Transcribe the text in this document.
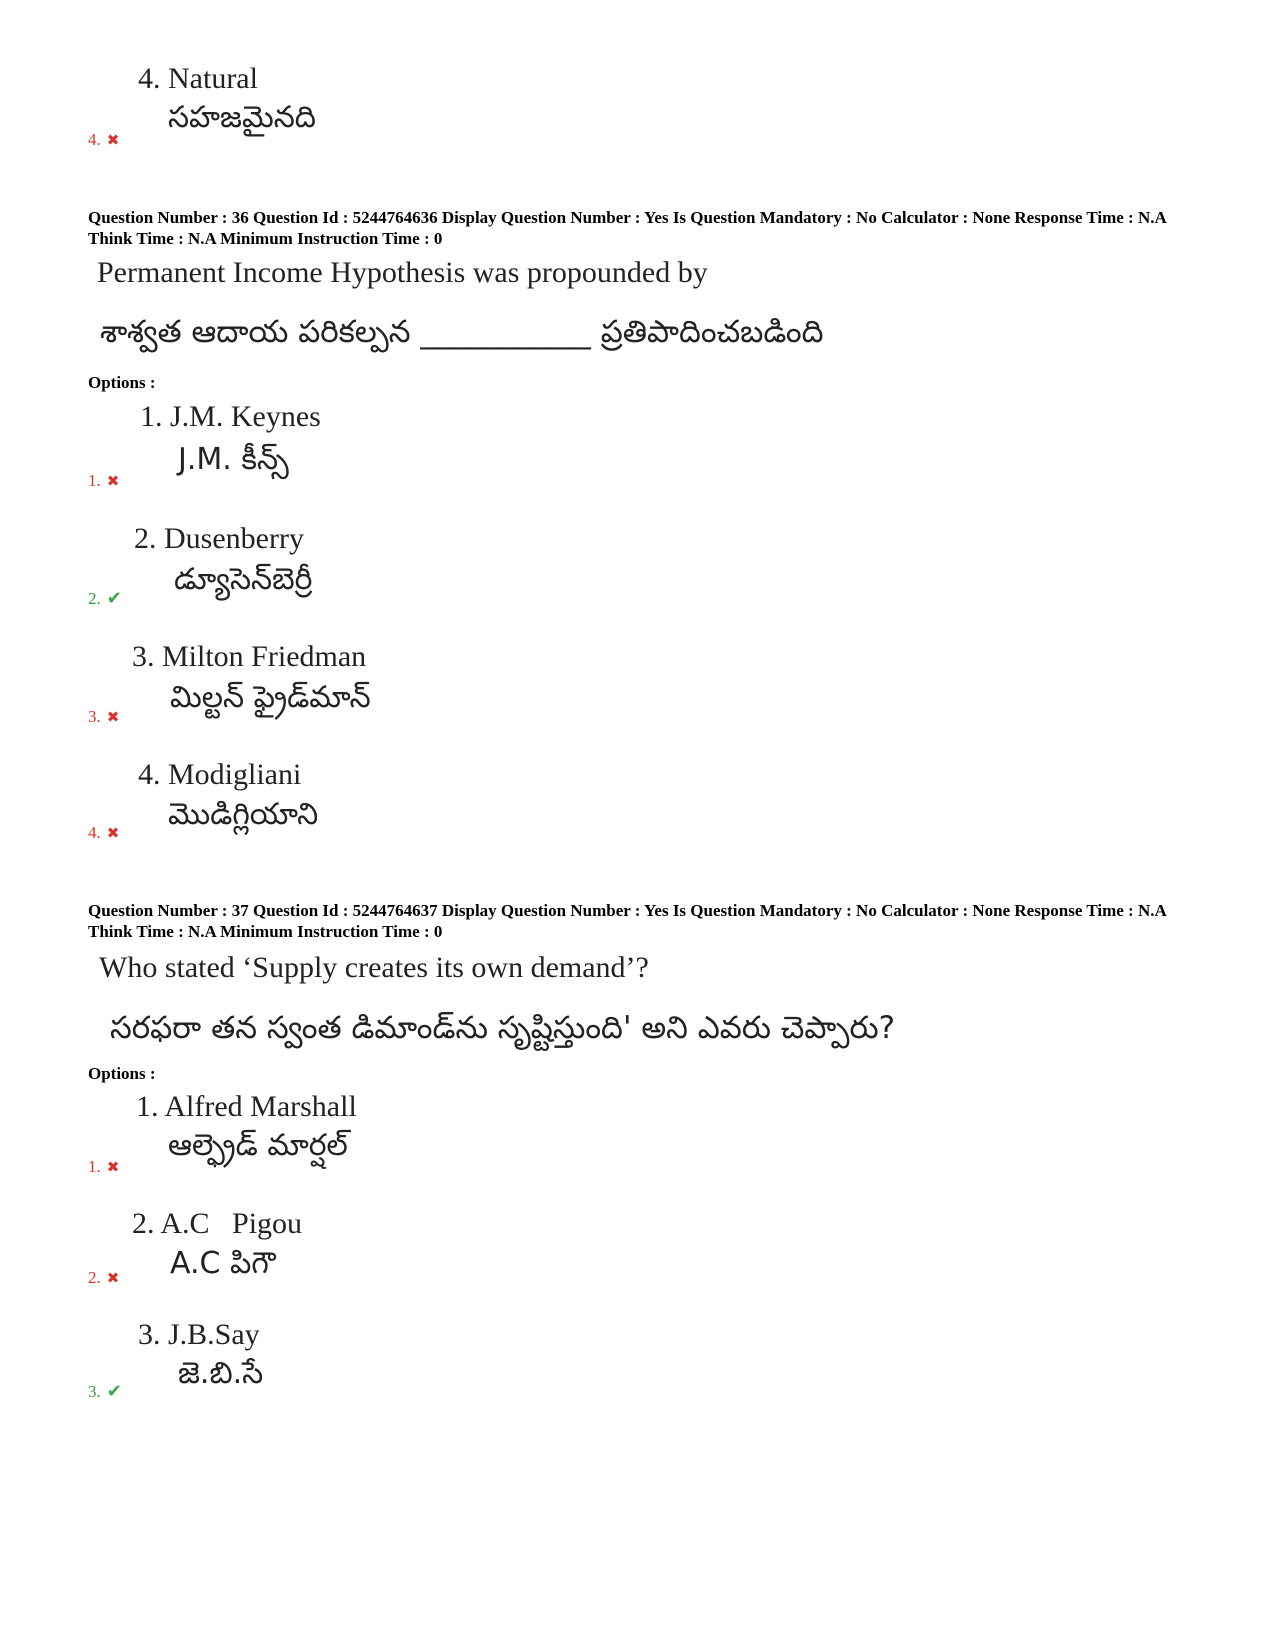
4. Natural
సహజమైనది
4. ✖
Question Number : 36 Question Id : 5244764636 Display Question Number : Yes Is Question Mandatory : No Calculator : None Response Time : N.A Think Time : N.A Minimum Instruction Time : 0
Permanent Income Hypothesis was propounded by
శాశ్వత ఆదాయ పరికల్పన ___________ ప్రతిపాదించబడింది
Options :
1. J.M. Keynes
J.M. కీన్స్
1. ✖
2. Dusenberry
డ్యూసెన్‌బెర్రీ
2. ✔
3. Milton Friedman
మిల్టన్ ఫ్రైడ్‌మాన్
3. ✖
4. Modigliani
మొడిగ్లియాని
4. ✖
Question Number : 37 Question Id : 5244764637 Display Question Number : Yes Is Question Mandatory : No Calculator : None Response Time : N.A Think Time : N.A Minimum Instruction Time : 0
Who stated ‘Supply creates its own demand’?
సరఫరా తన స్వంత డిమాండ్‌ను సృష్టిస్తుంది' అని ఎవరు చెప్పారు?
Options :
1. Alfred Marshall
ఆల్ఫ్రెడ్ మార్షల్
1. ✖
2. A.C   Pigou
A.C పిగౌ
2. ✖
3. J.B.Say
జె.బి.సే
3. ✔
